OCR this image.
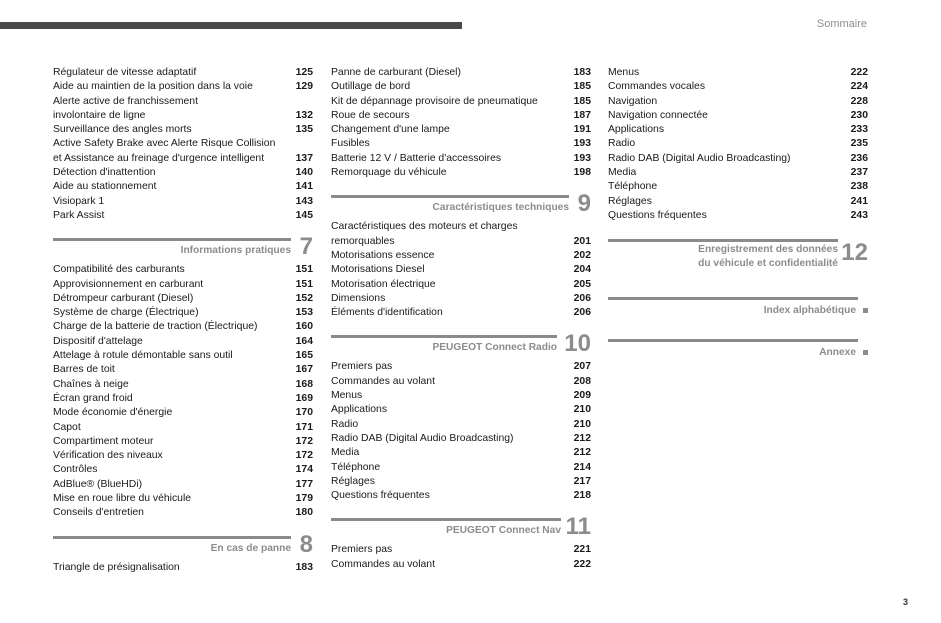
Sommaire
Régulateur de vitesse adaptatif	125
Aide au maintien de la position dans la voie	129
Alerte active de franchissement
involontaire de ligne	132
Surveillance des angles morts	135
Active Safety Brake avec Alerte Risque Collision
et Assistance au freinage d'urgence intelligent	137
Détection d'inattention	140
Aide au stationnement	141
Visiopark 1	143
Park Assist	145
Informations pratiques 7
Compatibilité des carburants	151
Approvisionnement en carburant	151
Détrompeur carburant (Diesel)	152
Système de charge (Électrique)	153
Charge de la batterie de traction (Électrique)	160
Dispositif d'attelage	164
Attelage à rotule démontable sans outil	165
Barres de toit	167
Chaînes à neige	168
Écran grand froid	169
Mode économie d'énergie	170
Capot	171
Compartiment moteur	172
Vérification des niveaux	172
Contrôles	174
AdBlue® (BlueHDi)	177
Mise en roue libre du véhicule	179
Conseils d'entretien	180
En cas de panne 8
Triangle de présignalisation	183
Panne de carburant (Diesel)	183
Outillage de bord	185
Kit de dépannage provisoire de pneumatique	185
Roue de secours	187
Changement d'une lampe	191
Fusibles	193
Batterie 12 V / Batterie d'accessoires	193
Remorquage du véhicule	198
Caractéristiques techniques 9
Caractéristiques des moteurs et charges
remorquables	201
Motorisations essence	202
Motorisations Diesel	204
Motorisation électrique	205
Dimensions	206
Éléments d'identification	206
PEUGEOT Connect Radio 10
Premiers pas	207
Commandes au volant	208
Menus	209
Applications	210
Radio	210
Radio DAB (Digital Audio Broadcasting)	212
Media	212
Téléphone	214
Réglages	217
Questions fréquentes	218
PEUGEOT Connect Nav 11
Premiers pas	221
Commandes au volant	222
Menus	222
Commandes vocales	224
Navigation	228
Navigation connectée	230
Applications	233
Radio	235
Radio DAB (Digital Audio Broadcasting)	236
Media	237
Téléphone	238
Réglages	241
Questions fréquentes	243
Enregistrement des données
du véhicule et confidentialité 12
Index alphabétique
Annexe
3
